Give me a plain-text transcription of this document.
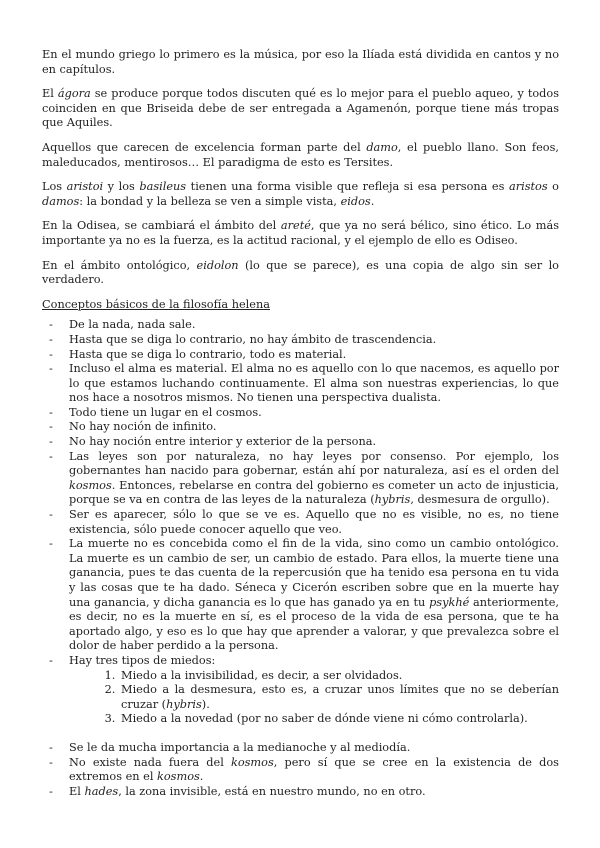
En el mundo griego lo primero es la música, por eso la Ilíada está dividida en cantos y no en capítulos.

El ágora se produce porque todos discuten qué es lo mejor para el pueblo aqueo, y todos coinciden en que Briseida debe de ser entregada a Agamenón, porque tiene más tropas que Aquiles.

Aquellos que carecen de excelencia forman parte del damo, el pueblo llano. Son feos, maleducados, mentirosos… El paradigma de esto es Tersites.

Los aristoi y los basileus tienen una forma visible que refleja si esa persona es aristos o damos: la bondad y la belleza se ven a simple vista, eidos.

En la Odisea, se cambiará el ámbito del areté, que ya no será bélico, sino ético. Lo más importante ya no es la fuerza, es la actitud racional, y el ejemplo de ello es Odiseo.

En el ámbito ontológico, eidolon (lo que se parece), es una copia de algo sin ser lo verdadero.

Conceptos básicos de la filosofía helena
- De la nada, nada sale.
- Hasta que se diga lo contrario, no hay ámbito de trascendencia.
- Hasta que se diga lo contrario, todo es material.
- Incluso el alma es material. El alma no es aquello con lo que nacemos, es aquello por lo que estamos luchando continuamente. El alma son nuestras experiencias, lo que nos hace a nosotros mismos. No tienen una perspectiva dualista.
- Todo tiene un lugar en el cosmos.
- No hay noción de infinito.
- No hay noción entre interior y exterior de la persona.
- Las leyes son por naturaleza, no hay leyes por consenso. Por ejemplo, los gobernantes han nacido para gobernar, están ahí por naturaleza, así es el orden del kosmos. Entonces, rebelarse en contra del gobierno es cometer un acto de injusticia, porque se va en contra de las leyes de la naturaleza (hybris, desmesura de orgullo).
- Ser es aparecer, sólo lo que se ve es. Aquello que no es visible, no es, no tiene existencia, sólo puede conocer aquello que veo.
- La muerte no es concebida como el fin de la vida, sino como un cambio ontológico. La muerte es un cambio de ser, un cambio de estado. Para ellos, la muerte tiene una ganancia, pues te das cuenta de la repercusión que ha tenido esa persona en tu vida y las cosas que te ha dado. Séneca y Cicerón escriben sobre que en la muerte hay una ganancia, y dicha ganancia es lo que has ganado ya en tu psykhé anteriormente, es decir, no es la muerte en sí, es el proceso de la vida de esa persona, que te ha aportado algo, y eso es lo que hay que aprender a valorar, y que prevalezca sobre el dolor de haber perdido a la persona.
- Hay tres tipos de miedos:
1. Miedo a la invisibilidad, es decir, a ser olvidados.
2. Miedo a la desmesura, esto es, a cruzar unos límites que no se deberían cruzar (hybris).
3. Miedo a la novedad (por no saber de dónde viene ni cómo controlarla).
- Se le da mucha importancia a la medianoche y al mediodía.
- No existe nada fuera del kosmos, pero sí que se cree en la existencia de dos extremos en el kosmos.
- El hades, la zona invisible, está en nuestro mundo, no en otro.
